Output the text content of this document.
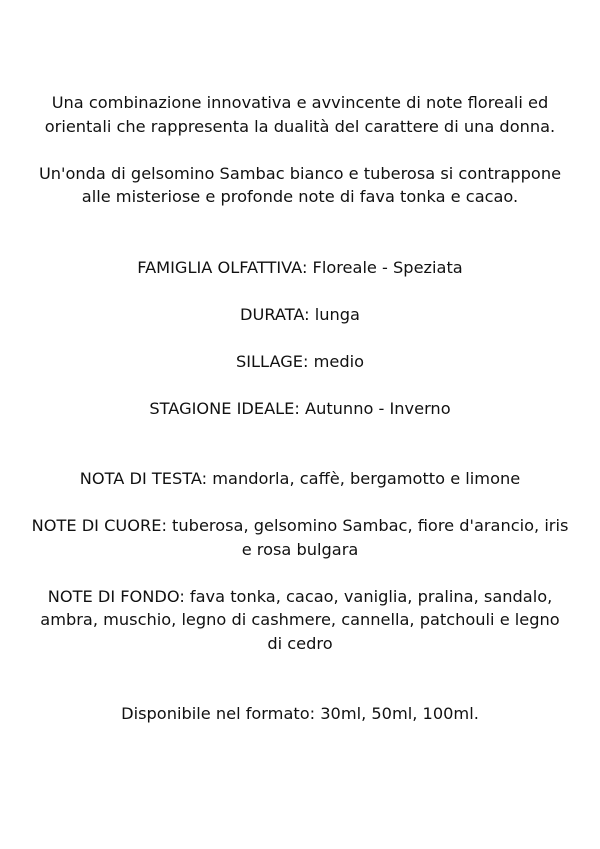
Una combinazione innovativa e avvincente di note floreali ed
orientali che rappresenta la dualità del carattere di una donna.

Un'onda di gelsomino Sambac bianco e tuberosa si contrappone
alle misteriose e profonde note di fava tonka e cacao.

FAMIGLIA OLFATTIVA: Floreale - Speziata

DURATA: lunga

SILLAGE: medio

STAGIONE IDEALE: Autunno - Inverno

NOTA DI TESTA: mandorla, caffè, bergamotto e limone

NOTE DI CUORE: tuberosa, gelsomino Sambac, fiore d'arancio, iris
e rosa bulgara

NOTE DI FONDO: fava tonka, cacao, vaniglia, pralina, sandalo,
ambra, muschio, legno di cashmere, cannella, patchouli e legno
di cedro

Disponibile nel formato: 30ml, 50ml, 100ml.
